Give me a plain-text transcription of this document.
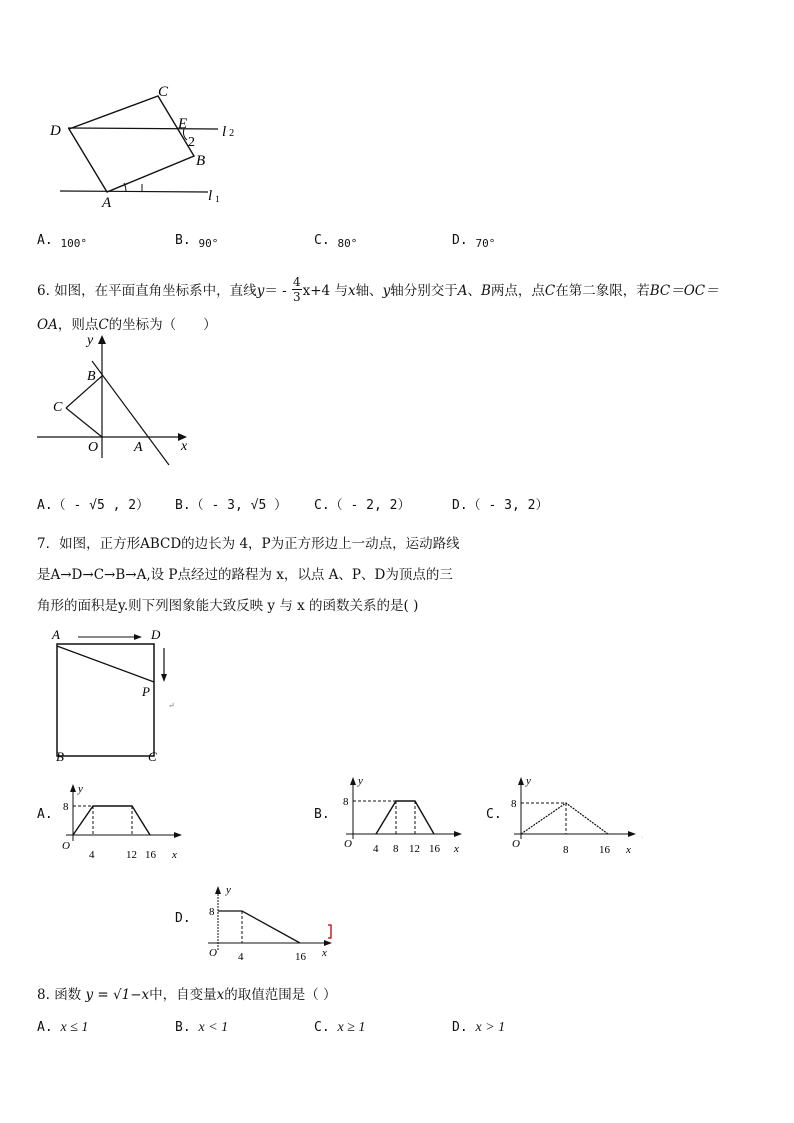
C
D	E
2
B
A
l 2
l 1
A. $_{100^\circ}$	B. $_{90^\circ}$	C. $_{80^\circ}$	D. $_{70^\circ}$
6. 如图，在平面直角坐标系中，直线$y= - \frac{4}{3} x+4$ 与x轴、y轴分别交于A、B两点，点C在第二象限，若BC＝OC＝
OA，则点C的坐标为（　　）
y
x
B
C
O	A
A.（ - √5 , 2） B.（ - 3, √5 ） C.（ - 2, 2）	D.（ - 3, 2）
7．如图，正方形ABCD的边长为 4，P为正方形边上一动点，运动路线
是A→D→C→B→A,设 P点经过的路程为 x，以点 A、P、D为顶点的三
角形的面积是y.则下列图象能大致反映 y 与 x 的函数关系的是( )
A	D
P
B	C
↵
A.
y
8
O
4	12 16 x
B.
y
8
O 4 8 12 16 x
C.
y
8
O	8	16 x
·
D.
y
8
O 4	16 x
8. 函数 y = √1−x中，自变量x的取值范围是（ ）
A. x ≤ 1	B. x < 1	C. x ≥ 1	D. x > 1
